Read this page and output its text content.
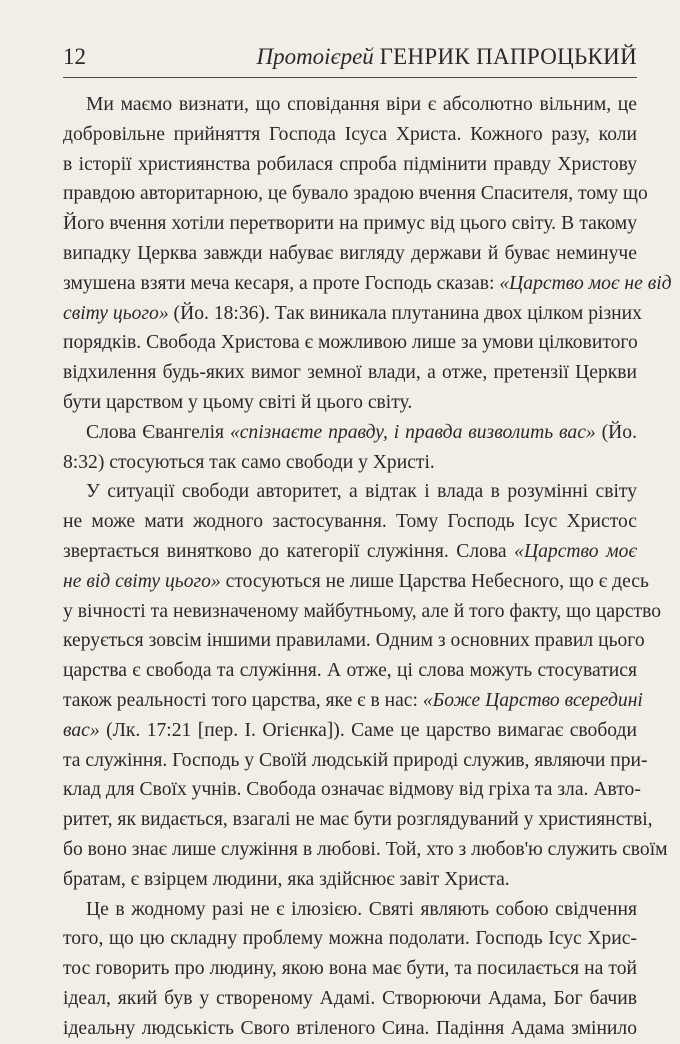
12	Протоієрей ГЕНРИК ПАПРОЦЬКИЙ

Ми маємо визнати, що сповідання віри є абсолютно вільним, це
добровільне прийняття Господа Ісуса Христа. Кожного разу, коли
в історії християнства робилася спроба підмінити правду Христову
правдою авторитарною, це бувало зрадою вчення Спасителя, тому що
Його вчення хотіли перетворити на примус від цього світу. В такому
випадку Церква завжди набуває вигляду держави й буває неминуче
змушена взяти меча кесаря, а проте Господь сказав: «Царство моє не від
світу цього» (Йо. 18:36). Так виникала плутанина двох цілком різних
порядків. Свобода Христова є можливою лише за умови цілковитого
відхилення будь-яких вимог земної влади, а отже, претензії Церкви
бути царством у цьому світі й цього світу.

Слова Євангелія «спізнаєте правду, і правда визволить вас» (Йо.
8:32) стосуються так само свободи у Христі.

У ситуації свободи авторитет, а відтак і влада в розумінні світу
не може мати жодного застосування. Тому Господь Ісус Христос
звертається винятково до категорії служіння. Слова «Царство моє
не від світу цього» стосуються не лише Царства Небесного, що є десь
у вічності та невизначеному майбутньому, але й того факту, що царство
керується зовсім іншими правилами. Одним з основних правил цього
царства є свобода та служіння. А отже, ці слова можуть стосуватися
також реальності того царства, яке є в нас: «Боже Царство всередині
вас» (Лк. 17:21 [пер. І. Огієнка]). Саме це царство вимагає свободи
та служіння. Господь у Своїй людській природі служив, являючи при-
клад для Своїх учнів. Свобода означає відмову від гріха та зла. Авто-
ритет, як видається, взагалі не має бути розглядуваний у християнстві,
бо воно знає лише служіння в любові. Той, хто з любов'ю служить своїм
братам, є взірцем людини, яка здійснює завіт Христа.

Це в жодному разі не є ілюзією. Святі являють собою свідчення
того, що цю складну проблему можна подолати. Господь Ісус Хрис-
тос говорить про людину, якою вона має бути, та посилається на той
ідеал, який був у створеному Адамі. Створюючи Адама, Бог бачив
ідеальну людськість Свого втіленого Сина. Падіння Адама змінило
